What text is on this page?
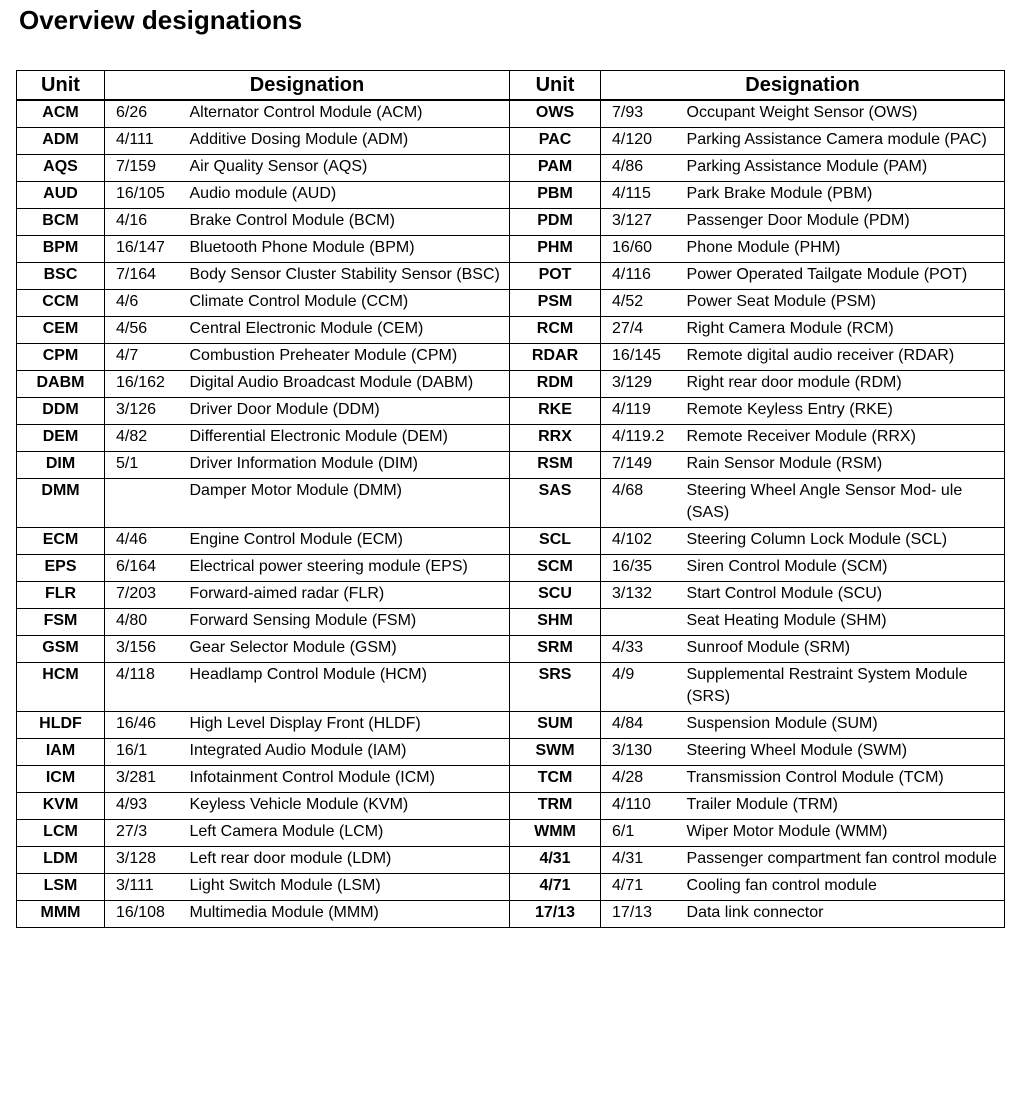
Overview designations
Unit	Designation		Unit	Designation	
ACM	6/26	Alternator Control Module (ACM)	OWS	7/93	Occupant Weight Sensor (OWS)
ADM	4/111	Additive Dosing Module (ADM)	PAC	4/120	Parking Assistance Camera module (PAC)
AQS	7/159	Air Quality Sensor (AQS)	PAM	4/86	Parking Assistance Module (PAM)
AUD	16/105	Audio module (AUD)	PBM	4/115	Park Brake Module (PBM)
BCM	4/16	Brake Control Module (BCM)	PDM	3/127	Passenger Door Module (PDM)
BPM	16/147	Bluetooth Phone Module (BPM)	PHM	16/60	Phone Module (PHM)
BSC	7/164	Body Sensor Cluster Stability Sensor (BSC)	POT	4/116	Power Operated Tailgate Module (POT)
CCM	4/6	Climate Control Module (CCM)	PSM	4/52	Power Seat Module (PSM)
CEM	4/56	Central Electronic Module (CEM)	RCM	27/4	Right Camera Module (RCM)
CPM	4/7	Combustion Preheater Module (CPM)	RDAR	16/145	Remote digital audio receiver (RDAR)
DABM	16/162	Digital Audio Broadcast Module (DABM)	RDM	3/129	Right rear door module (RDM)
DDM	3/126	Driver Door Module (DDM)	RKE	4/119	Remote Keyless Entry (RKE)
DEM	4/82	Differential Electronic Module (DEM)	RRX	4/119.2	Remote Receiver Module (RRX)
DIM	5/1	Driver Information Module (DIM)	RSM	7/149	Rain Sensor Module (RSM)
DMM		Damper Motor Module (DMM)	SAS	4/68	Steering Wheel Angle Sensor Mod- ule (SAS)
ECM	4/46	Engine Control Module (ECM)	SCL	4/102	Steering Column Lock Module (SCL)
EPS	6/164	Electrical power steering module (EPS)	SCM	16/35	Siren Control Module (SCM)
FLR	7/203	Forward-aimed radar (FLR)	SCU	3/132	Start Control Module (SCU)
FSM	4/80	Forward Sensing Module (FSM)	SHM		Seat Heating Module (SHM)
GSM	3/156	Gear Selector Module (GSM)	SRM	4/33	Sunroof Module (SRM)
HCM	4/118	Headlamp Control Module (HCM)	SRS	4/9	Supplemental Restraint System Module (SRS)
HLDF	16/46	High Level Display Front (HLDF)	SUM	4/84	Suspension Module (SUM)
IAM	16/1	Integrated Audio Module (IAM)	SWM	3/130	Steering Wheel Module (SWM)
ICM	3/281	Infotainment Control Module (ICM)	TCM	4/28	Transmission Control Module (TCM)
KVM	4/93	Keyless Vehicle Module (KVM)	TRM	4/110	Trailer Module (TRM)
LCM	27/3	Left Camera Module (LCM)	WMM	6/1	Wiper Motor Module (WMM)
LDM	3/128	Left rear door module (LDM)	4/31	4/31	Passenger compartment fan control module
LSM	3/111	Light Switch Module (LSM)	4/71	4/71	Cooling fan control module
MMM	16/108	Multimedia Module (MMM)	17/13	17/13	Data link connector
